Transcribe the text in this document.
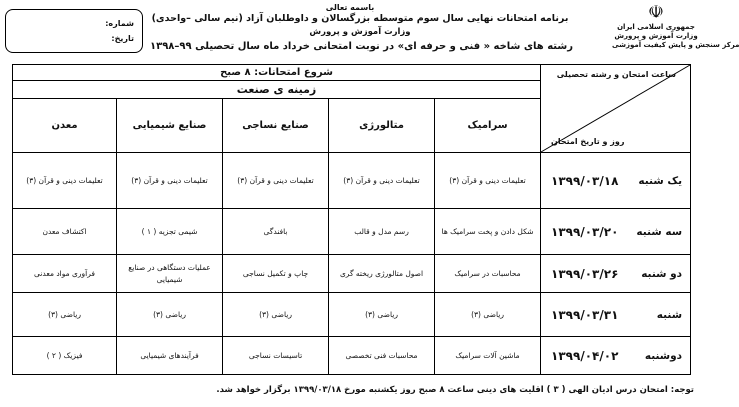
باسمه تعالی
برنامه امتحانات نهایی سال سوم متوسطه بزرگسالان و داوطلبان آزاد (نیم سالی –واحدی)
وزارت آموزش و پرورش
رشته های شاخه « فنی و حرفه ای» در نوبت امتحانی خرداد ماه سال تحصیلی ۹۹–۱۳۹۸
☫
جمهوری اسلامی ایران
وزارت آموزش و پرورش
مرکز سنجش و پایش کیفیت آموزشی
شماره:
تاریخ:
ساعت امتحان و رشته تحصیلی
روز و تاریخ امتحان	شروع امتحانات: ۸ صبح				
	زمینه ی صنعت				
	سرامیک	متالورژی	صنایع نساجی	صنایع شیمیایی	معدن

یک شنبه
۱۳۹۹/۰۳/۱۸	تعلیمات دینی و قرآن (۳)	تعلیمات دینی و قرآن (۳)	تعلیمات دینی و قرآن (۳)	تعلیمات دینی و قرآن (۳)	تعلیمات دینی و قرآن (۳)

سه شنبه
۱۳۹۹/۰۳/۲۰	شکل دادن و پخت سرامیک ها	رسم مدل و قالب	بافندگی	شیمی تجزیه ( ۱ )	اکتشاف معدن

دو شنبه
۱۳۹۹/۰۳/۲۶	محاسبات در سرامیک	اصول متالورژی ریخته گری	چاپ و تکمیل نساجی	عملیات دستگاهی در صنایع شیمیایی	فرآوری مواد معدنی

شنبه
۱۳۹۹/۰۳/۳۱	ریاضی (۳)	ریاضی (۳)	ریاضی (۳)	ریاضی (۳)	ریاضی (۳)

دوشنبه
۱۳۹۹/۰۴/۰۲	ماشین آلات سرامیک	محاسبات فنی تخصصی	تاسیسات نساجی	فرآیندهای شیمیایی	فیزیک ( ۲ )
توجه: امتحان درس ادیان الهی ( ۳ ) اقلیت های دینی ساعت ۸ صبح روز یکشنبه مورخ ۱۳۹۹/۰۳/۱۸ برگزار خواهد شد.
